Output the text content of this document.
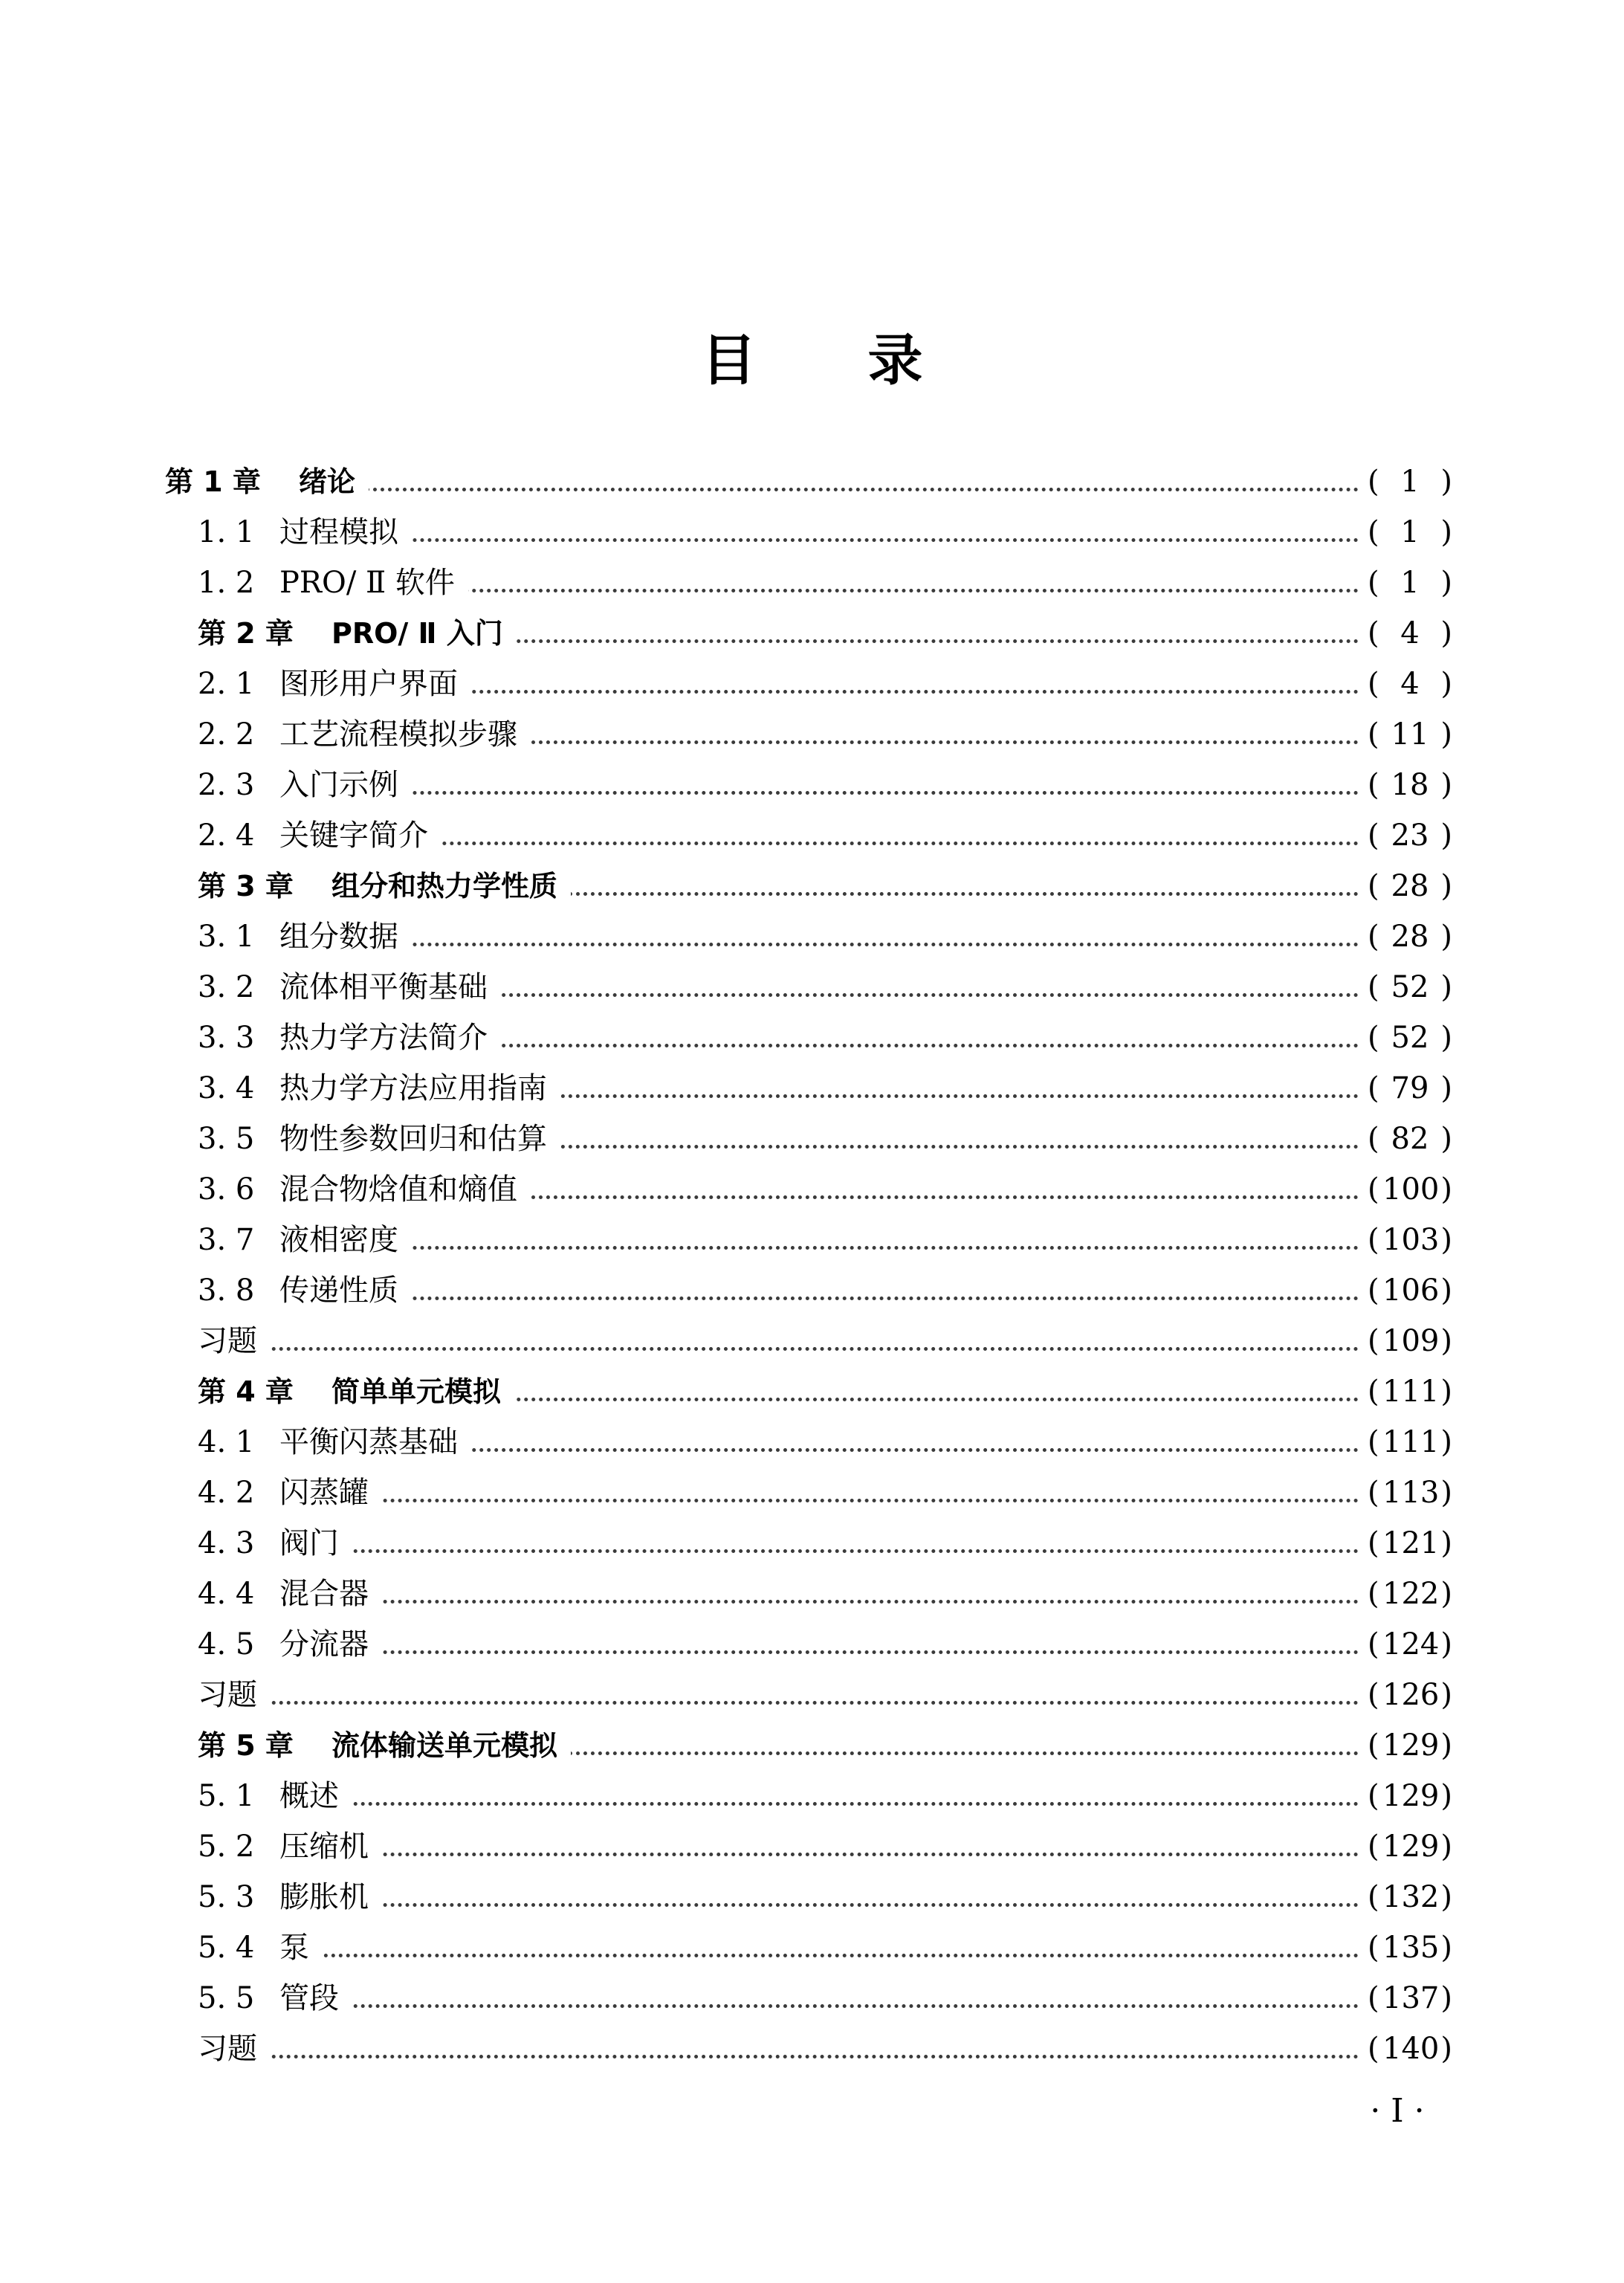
目 录
第 1 章 绪论	( 1 )
1. 1 过程模拟	( 1 )
1. 2 PRO/ Ⅱ 软件	( 1 )
第 2 章 PRO/ Ⅱ 入门	( 4 )
2. 1 图形用户界面	( 4 )
2. 2 工艺流程模拟步骤	( 11 )
2. 3 入门示例	( 18 )
2. 4 关键字简介	( 23 )
第 3 章 组分和热力学性质	( 28 )
3. 1 组分数据	( 28 )
3. 2 流体相平衡基础	( 52 )
3. 3 热力学方法简介	( 52 )
3. 4 热力学方法应用指南	( 79 )
3. 5 物性参数回归和估算	( 82 )
3. 6 混合物焓值和熵值	( 100 )
3. 7 液相密度	( 103 )
3. 8 传递性质	( 106 )
习题	( 109 )
第 4 章 简单单元模拟	( 111 )
4. 1 平衡闪蒸基础	( 111 )
4. 2 闪蒸罐	( 113 )
4. 3 阀门	( 121 )
4. 4 混合器	( 122 )
4. 5 分流器	( 124 )
习题	( 126 )
第 5 章 流体输送单元模拟	( 129 )
5. 1 概述	( 129 )
5. 2 压缩机	( 129 )
5. 3 膨胀机	( 132 )
5. 4 泵	( 135 )
5. 5 管段	( 137 )
习题	( 140 )
· Ⅰ ·
